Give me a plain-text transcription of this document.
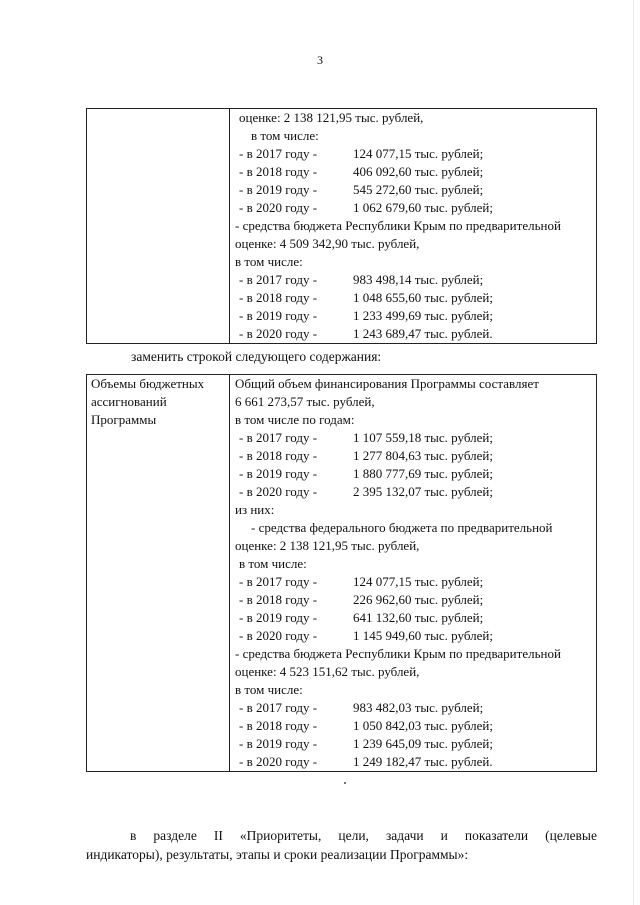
3

оценке: 2 138 121,95 тыс. рублей,
в том числе:
- в 2017 году -	124 077,15 тыс. рублей;
- в 2018 году -	406 092,60 тыс. рублей;
- в 2019 году -	545 272,60 тыс. рублей;
- в 2020 году -	1 062 679,60 тыс. рублей;
- средства бюджета Республики Крым по предварительной
оценке: 4 509 342,90 тыс. рублей,
в том числе:
- в 2017 году -	983 498,14 тыс. рублей;
- в 2018 году -	1 048 655,60 тыс. рублей;
- в 2019 году -	1 233 499,69 тыс. рублей;
- в 2020 году -	1 243 689,47 тыс. рублей.
заменить строкой следующего содержания:
Объемы бюджетных
ассигнований
Программы

Общий объем финансирования Программы составляет
6 661 273,57 тыс. рублей,
в том числе по годам:
- в 2017 году -	1 107 559,18 тыс. рублей;
- в 2018 году -	1 277 804,63 тыс. рублей;
- в 2019 году -	1 880 777,69 тыс. рублей;
- в 2020 году -	2 395 132,07 тыс. рублей;
из них:
- средства федерального бюджета по предварительной
оценке: 2 138 121,95 тыс. рублей,
в том числе:
- в 2017 году -	124 077,15 тыс. рублей;
- в 2018 году -	226 962,60 тыс. рублей;
- в 2019 году -	641 132,60 тыс. рублей;
- в 2020 году -	1 145 949,60 тыс. рублей;
- средства бюджета Республики Крым по предварительной
оценке: 4 523 151,62 тыс. рублей,
в том числе:
- в 2017 году -	983 482,03 тыс. рублей;
- в 2018 году -	1 050 842,03 тыс. рублей;
- в 2019 году -	1 239 645,09 тыс. рублей;
- в 2020 году -	1 249 182,47 тыс. рублей.
в разделе II «Приоритеты, цели, задачи и показатели (целевые
индикаторы), результаты, этапы и сроки реализации Программы»:
